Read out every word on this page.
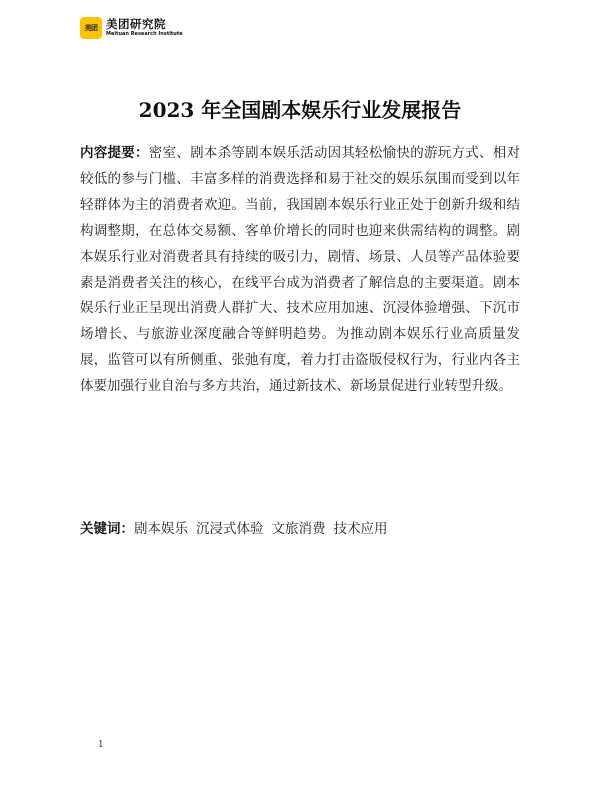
美团 美团研究院
Meituan Research Institute
2023 年全国剧本娱乐行业发展报告

内容提要：密室、剧本杀等剧本娱乐活动因其轻松愉快的游玩方式、相对较低的参与门槛、丰富多样的消费选择和易于社交的娱乐氛围而受到以年轻群体为主的消费者欢迎。当前，我国剧本娱乐行业正处于创新升级和结构调整期，在总体交易额、客单价增长的同时也迎来供需结构的调整。剧本娱乐行业对消费者具有持续的吸引力，剧情、场景、人员等产品体验要素是消费者关注的核心，在线平台成为消费者了解信息的主要渠道。剧本娱乐行业正呈现出消费人群扩大、技术应用加速、沉浸体验增强、下沉市场增长、与旅游业深度融合等鲜明趋势。为推动剧本娱乐行业高质量发展，监管可以有所侧重、张弛有度，着力打击盗版侵权行为，行业内各主体要加强行业自治与多方共治，通过新技术、新场景促进行业转型升级。

关键词：剧本娱乐 沉浸式体验 文旅消费 技术应用

1
